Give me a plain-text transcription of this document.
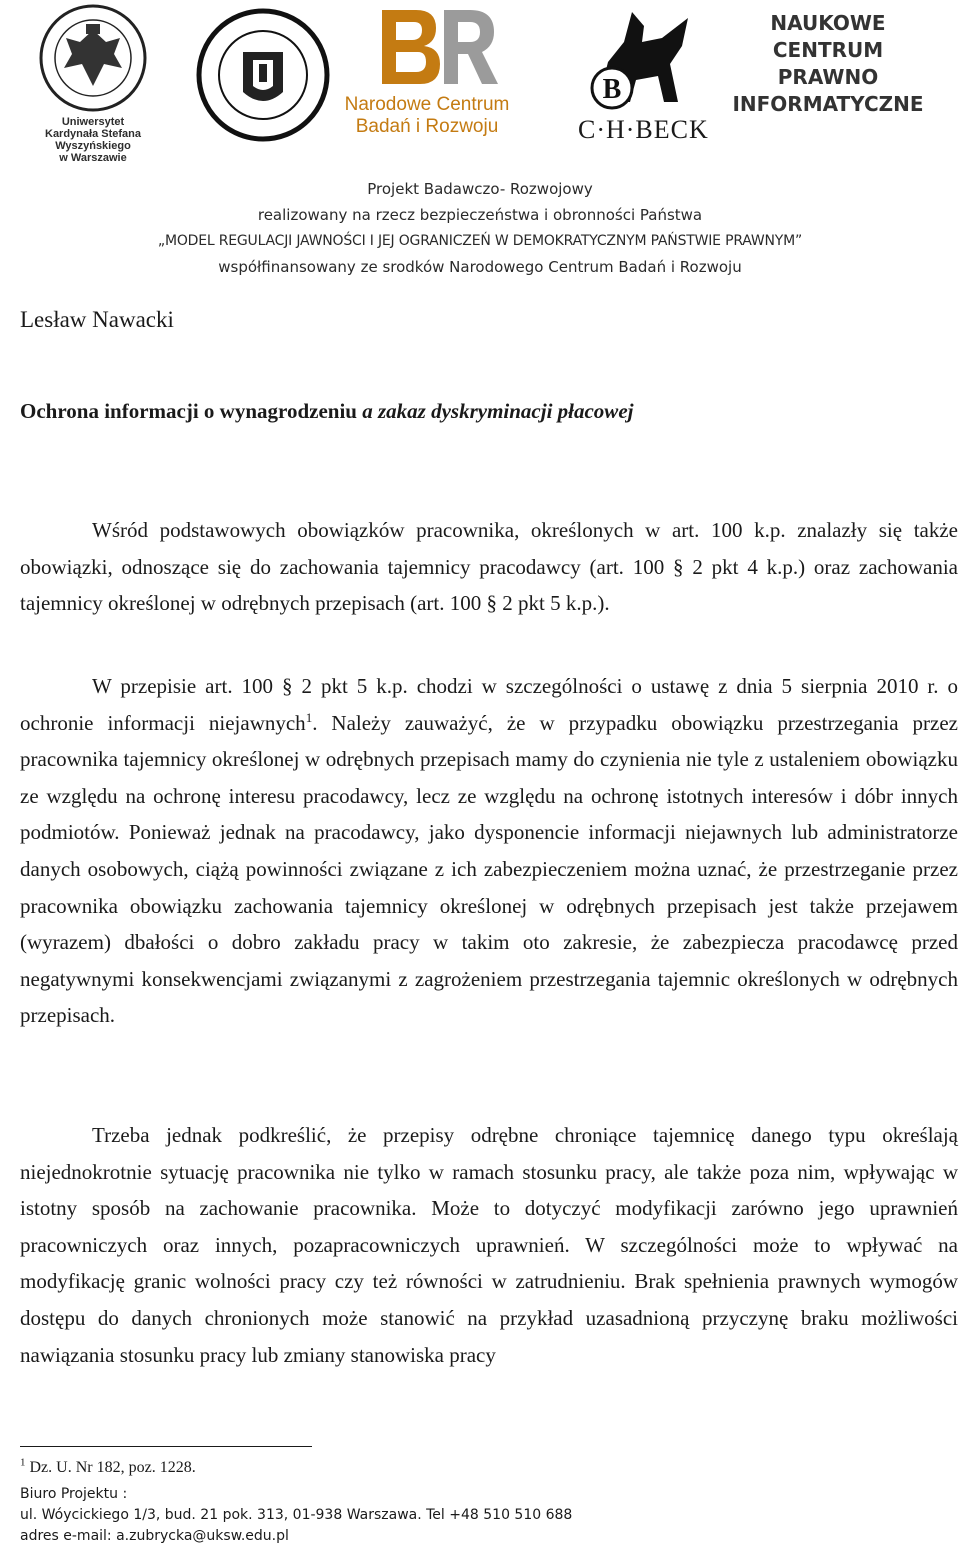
Uniwersytet
Kardynała Stefana Wyszyńskiego
w Warszawie
Narodowe Centrum
Badań i Rozwoju
B
C·H·BECK
NAUKOWE
CENTRUM
PRAWNO
INFORMATYCZNE
Projekt Badawczo- Rozwojowy
realizowany na rzecz bezpieczeństwa i obronności Państwa
„MODEL REGULACJI JAWNOŚCI I JEJ OGRANICZEŃ W DEMOKRATYCZNYM PAŃSTWIE PRAWNYM”
współfinansowany ze srodków Narodowego Centrum Badań i Rozwoju
Lesław Nawacki
Ochrona informacji o wynagrodzeniu a zakaz dyskryminacji płacowej

Wśród podstawowych obowiązków pracownika, określonych w art. 100 k.p. znalazły się także obowiązki, odnoszące się do zachowania tajemnicy pracodawcy (art. 100 § 2 pkt 4 k.p.) oraz zachowania tajemnicy określonej w odrębnych przepisach (art. 100 § 2 pkt 5 k.p.).

W przepisie art. 100 § 2 pkt 5 k.p. chodzi w szczególności o ustawę z dnia 5 sierpnia 2010 r. o ochronie informacji niejawnych$^1$. Należy zauważyć, że w przypadku obowiązku przestrzegania przez pracownika tajemnicy określonej w odrębnych przepisach mamy do czynienia nie tyle z ustaleniem obowiązku ze względu na ochronę interesu pracodawcy, lecz ze względu na ochronę istotnych interesów i dóbr innych podmiotów. Ponieważ jednak na pracodawcy, jako dysponencie informacji niejawnych lub administratorze danych osobowych, ciążą powinności związane z ich zabezpieczeniem można uznać, że przestrzeganie przez pracownika obowiązku zachowania tajemnicy określonej w odrębnych przepisach jest także przejawem (wyrazem) dbałości o dobro zakładu pracy w takim oto zakresie, że zabezpiecza pracodawcę przed negatywnymi konsekwencjami związanymi z zagrożeniem przestrzegania tajemnic określonych w odrębnych przepisach.

Trzeba jednak podkreślić, że przepisy odrębne chroniące tajemnicę danego typu określają niejednokrotnie sytuację pracownika nie tylko w ramach stosunku pracy, ale także poza nim, wpływając w istotny sposób na zachowanie pracownika. Może to dotyczyć modyfikacji zarówno jego uprawnień pracowniczych oraz innych, pozapracowniczych uprawnień. W szczególności może to wpływać na modyfikację granic wolności pracy czy też równości w zatrudnieniu. Brak spełnienia prawnych wymogów dostępu do danych chronionych może stanowić na przykład uzasadnioną przyczynę braku możliwości nawiązania stosunku pracy lub zmiany stanowiska pracy

$^1$ Dz. U. Nr 182, poz. 1228.
Biuro Projektu :
ul. Wóycickiego 1/3, bud. 21 pok. 313, 01-938 Warszawa. Tel +48 510 510 688
adres e-mail: a.zubrycka@uksw.edu.pl
